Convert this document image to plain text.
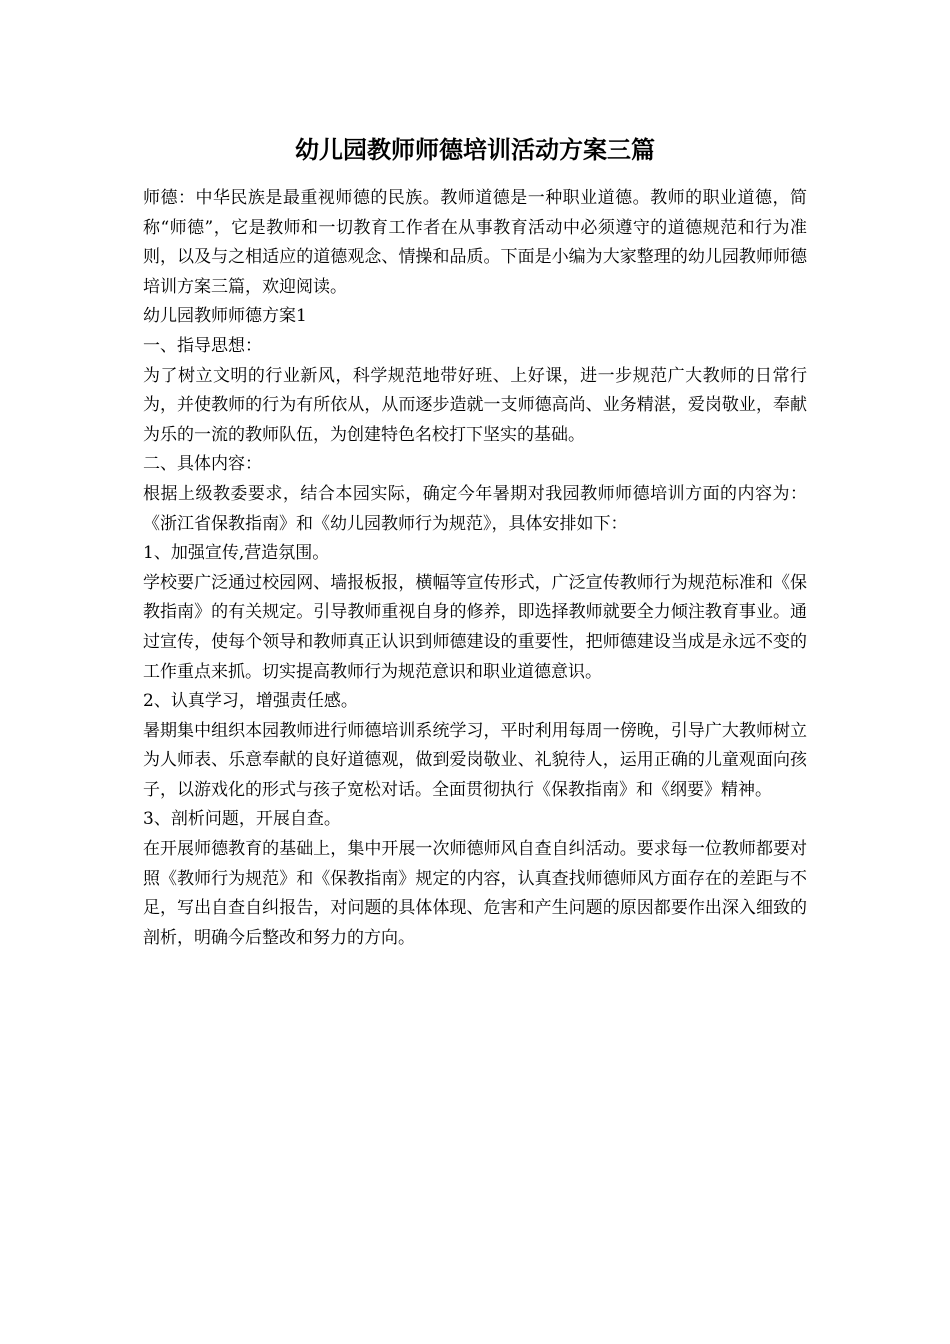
幼儿园教师师德培训活动方案三篇

师德：中华民族是最重视师德的民族。教师道德是一种职业道德。教师的职业道德，简称“师德”，它是教师和一切教育工作者在从事教育活动中必须遵守的道德规范和行为准则，以及与之相适应的道德观念、情操和品质。下面是小编为大家整理的幼儿园教师师德培训方案三篇，欢迎阅读。

幼儿园教师师德方案1

一、指导思想：

为了树立文明的行业新风，科学规范地带好班、上好课，进一步规范广大教师的日常行为，并使教师的行为有所依从，从而逐步造就一支师德高尚、业务精湛，爱岗敬业，奉献为乐的一流的教师队伍，为创建特色名校打下坚实的基础。

二、具体内容：

根据上级教委要求，结合本园实际，确定今年暑期对我园教师师德培训方面的内容为：《浙江省保教指南》和《幼儿园教师行为规范》，具体安排如下：

1、加强宣传,营造氛围。

学校要广泛通过校园网、墙报板报，横幅等宣传形式，广泛宣传教师行为规范标准和《保教指南》的有关规定。引导教师重视自身的修养，即选择教师就要全力倾注教育事业。通过宣传，使每个领导和教师真正认识到师德建设的重要性，把师德建设当成是永远不变的工作重点来抓。切实提高教师行为规范意识和职业道德意识。

2、认真学习，增强责任感。

暑期集中组织本园教师进行师德培训系统学习，平时利用每周一傍晚，引导广大教师树立为人师表、乐意奉献的良好道德观，做到爱岗敬业、礼貌待人，运用正确的儿童观面向孩子，以游戏化的形式与孩子宽松对话。全面贯彻执行《保教指南》和《纲要》精神。

3、剖析问题，开展自查。

在开展师德教育的基础上，集中开展一次师德师风自查自纠活动。要求每一位教师都要对照《教师行为规范》和《保教指南》规定的内容，认真查找师德师风方面存在的差距与不足，写出自查自纠报告，对问题的具体体现、危害和产生问题的原因都要作出深入细致的剖析，明确今后整改和努力的方向。
